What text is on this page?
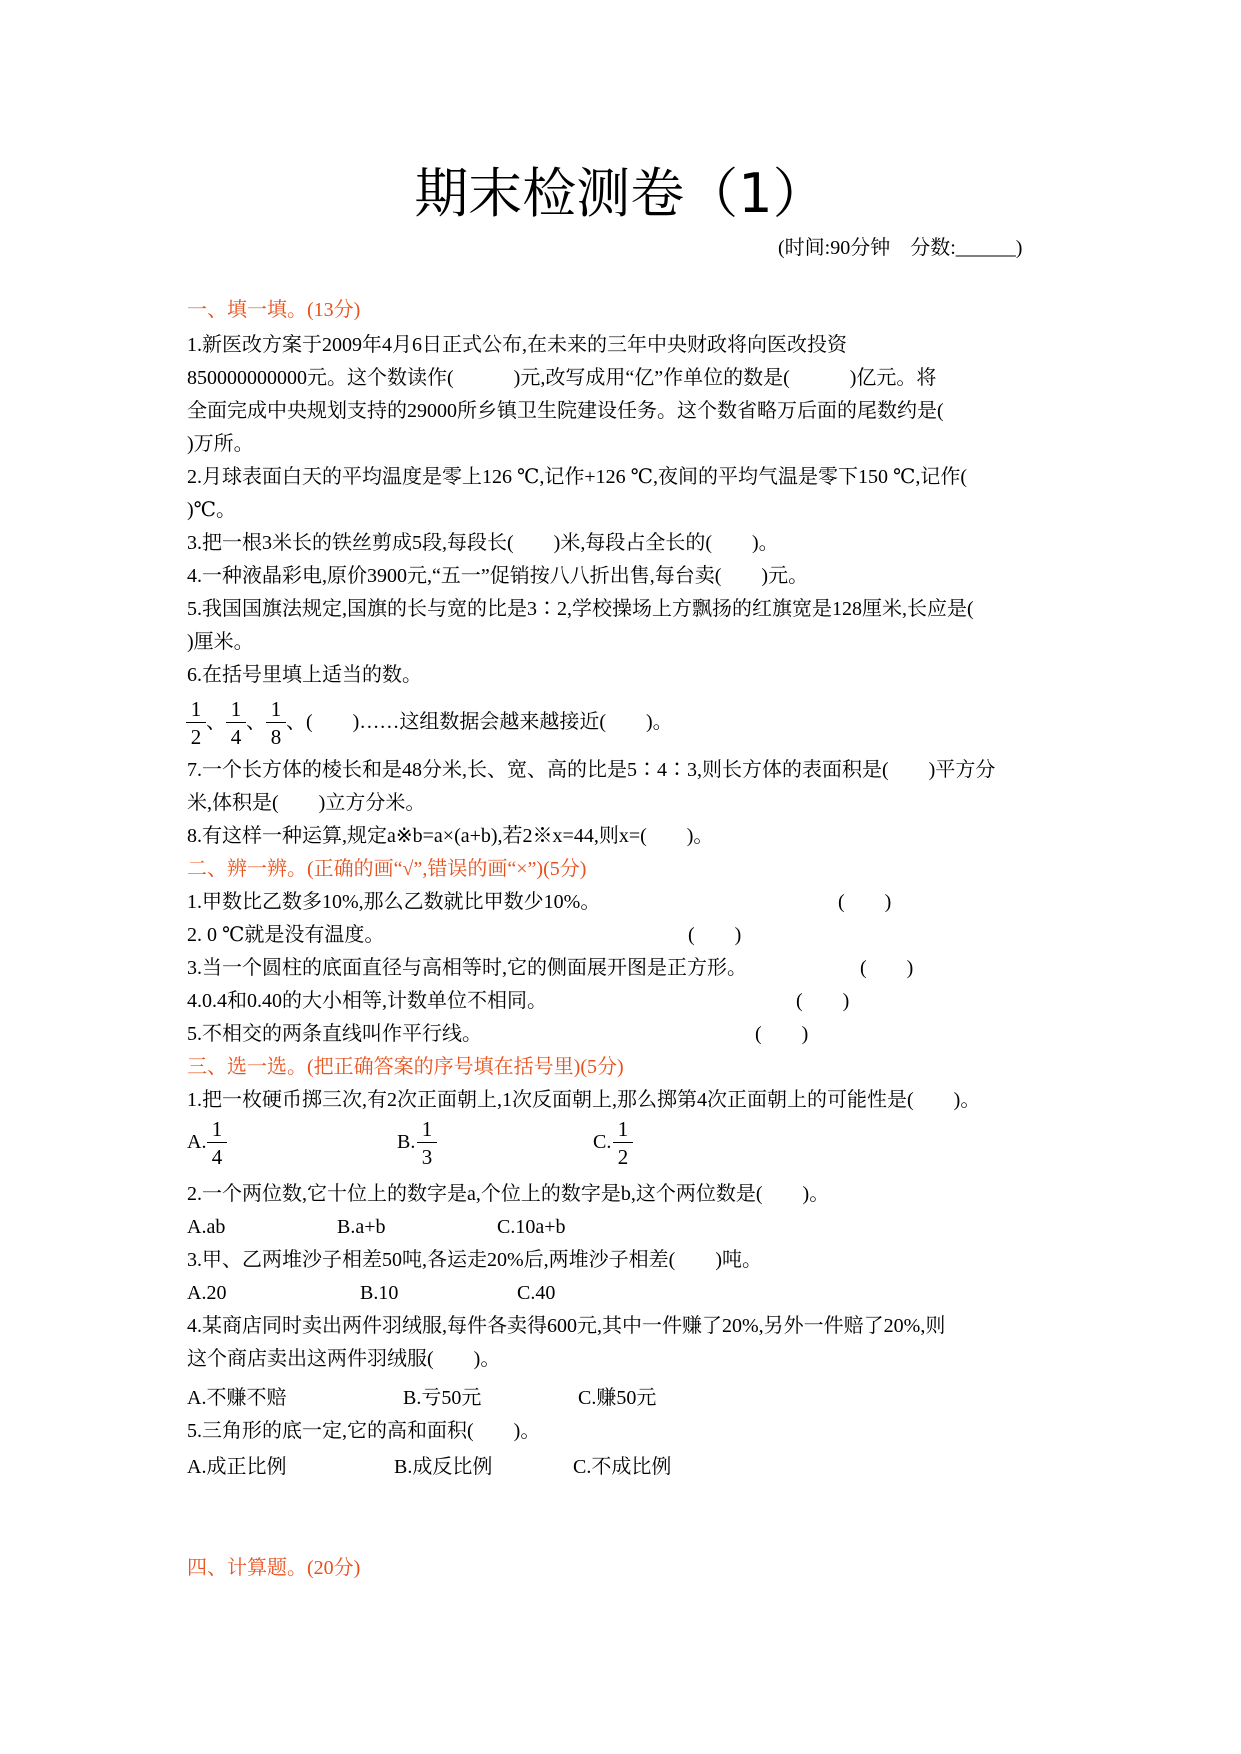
期末检测卷（1）
(时间:90分钟　分数:______)
一、填一填。(13分)
1.新医改方案于2009年4月6日正式公布,在未来的三年中央财政将向医改投资
850000000000元。这个数读作(　　　)元,改写成用“亿”作单位的数是(　　　)亿元。将
全面完成中央规划支持的29000所乡镇卫生院建设任务。这个数省略万后面的尾数约是(
)万所。
2.月球表面白天的平均温度是零上126 ℃,记作+126 ℃,夜间的平均气温是零下150 ℃,记作(
)℃。
3.把一根3米长的铁丝剪成5段,每段长(　　)米,每段占全长的(　　)。
4.一种液晶彩电,原价3900元,“五一”促销按八八折出售,每台卖(　　)元。
5.我国国旗法规定,国旗的长与宽的比是3∶2,学校操场上方飘扬的红旗宽是128厘米,长应是(
)厘米。
6.在括号里填上适当的数。
$\frac{1}{2}$ 、 $\frac{1}{4}$ 、 $\frac{1}{8}$ 、(　　)……这组数据会越来越接近(　　)。
7.一个长方体的棱长和是48分米,长、宽、高的比是5∶4∶3,则长方体的表面积是(　　)平方分
米,体积是(　　)立方分米。
8.有这样一种运算,规定a※b=a×(a+b),若2※x=44,则x=(　　)。
二、辨一辨。(正确的画“√”,错误的画“×”)(5分)
1.甲数比乙数多10%,那么乙数就比甲数少10%。	(　　)
2. 0 ℃就是没有温度。	(　　)
3.当一个圆柱的底面直径与高相等时,它的侧面展开图是正方形。	(　　)
4.0.4和0.40的大小相等,计数单位不相同。	(　　)
5.不相交的两条直线叫作平行线。	(　　)
三、选一选。(把正确答案的序号填在括号里)(5分)
1.把一枚硬币掷三次,有2次正面朝上,1次反面朝上,那么掷第4次正面朝上的可能性是(　　)。
A. $\frac{1}{4}$	B. $\frac{1}{3}$	C. $\frac{1}{2}$
2.一个两位数,它十位上的数字是a,个位上的数字是b,这个两位数是(　　)。
A.ab	B.a+b	C.10a+b
3.甲、乙两堆沙子相差50吨,各运走20%后,两堆沙子相差(　　)吨。
A.20	B.10	C.40
4.某商店同时卖出两件羽绒服,每件各卖得600元,其中一件赚了20%,另外一件赔了20%,则
这个商店卖出这两件羽绒服(　　)。
A.不赚不赔	B.亏50元	C.赚50元
5.三角形的底一定,它的高和面积(　　)。
A.成正比例	B.成反比例	C.不成比例
四、计算题。(20分)
